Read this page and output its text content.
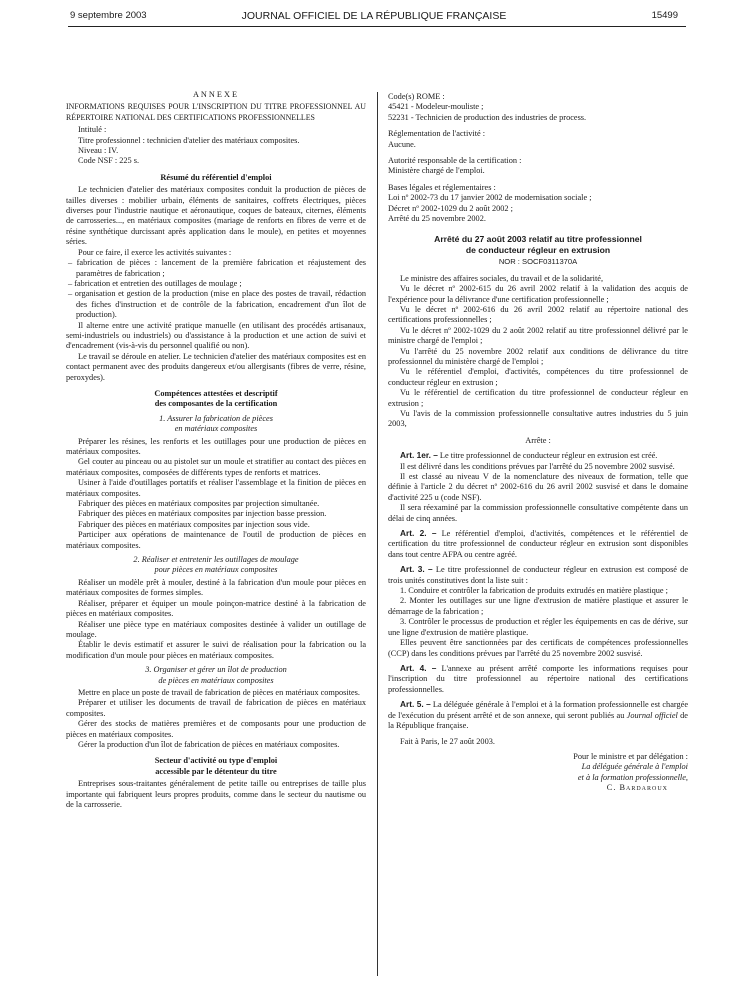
9 septembre 2003	JOURNAL OFFICIEL DE LA RÉPUBLIQUE FRANÇAISE	15499

ANNEXE

INFORMATIONS REQUISES POUR L'INSCRIPTION DU TITRE PROFESSIONNEL AU RÉPERTOIRE NATIONAL DES CERTIFICATIONS PROFESSIONNELLES

Intitulé :

Titre professionnel : technicien d'atelier des matériaux composites.

Niveau : IV.

Code NSF : 225 s.

Résumé du référentiel d'emploi

Le technicien d'atelier des matériaux composites conduit la production de pièces de tailles diverses : mobilier urbain, éléments de sanitaires, coffrets électriques, pièces diverses pour l'industrie nautique et aéronautique, coques de bateaux, citernes, éléments de carrosseries..., en matériaux composites (mariage de renforts en fibres de verre et de résine synthétique durcissant après application dans le moule), en petites et moyennes séries.

Pour ce faire, il exerce les activités suivantes :

– fabrication de pièces : lancement de la première fabrication et réajustement des paramètres de fabrication ;

– fabrication et entretien des outillages de moulage ;

– organisation et gestion de la production (mise en place des postes de travail, rédaction des fiches d'instruction et de contrôle de la fabrication, encadrement d'un îlot de production).

Il alterne entre une activité pratique manuelle (en utilisant des procédés artisanaux, semi-industriels ou industriels) ou d'assistance à la production et une action de suivi et d'encadrement (vis-à-vis du personnel qualifié ou non).

Le travail se déroule en atelier. Le technicien d'atelier des matériaux composites est en contact permanent avec des produits dangereux et/ou allergisants (fibres de verre, résine, peroxydes).

Compétences attestées et descriptif

des composantes de la certification

1. Assurer la fabrication de pièces

en matériaux composites

Préparer les résines, les renforts et les outillages pour une production de pièces en matériaux composites.

Gel couter au pinceau ou au pistolet sur un moule et stratifier au contact des pièces en matériaux composites, composées de différents types de renforts et matrices.

Usiner à l'aide d'outillages portatifs et réaliser l'assemblage et la finition de pièces en matériaux composites.

Fabriquer des pièces en matériaux composites par projection simultanée.

Fabriquer des pièces en matériaux composites par injection basse pression.

Fabriquer des pièces en matériaux composites par injection sous vide.

Participer aux opérations de maintenance de l'outil de production de pièces en matériaux composites.

2. Réaliser et entretenir les outillages de moulage

pour pièces en matériaux composites

Réaliser un modèle prêt à mouler, destiné à la fabrication d'un moule pour pièces en matériaux composites de formes simples.

Réaliser, préparer et équiper un moule poinçon-matrice destiné à la fabrication de pièces en matériaux composites.

Réaliser une pièce type en matériaux composites destinée à valider un outillage de moulage.

Établir le devis estimatif et assurer le suivi de réalisation pour la fabrication ou la modification d'un moule pour pièces en matériaux composites.

3. Organiser et gérer un îlot de production

de pièces en matériaux composites

Mettre en place un poste de travail de fabrication de pièces en matériaux composites.

Préparer et utiliser les documents de travail de fabrication de pièces en matériaux composites.

Gérer des stocks de matières premières et de composants pour une production de pièces en matériaux composites.

Gérer la production d'un îlot de fabrication de pièces en matériaux composites.

Secteur d'activité ou type d'emploi

accessible par le détenteur du titre

Entreprises sous-traitantes généralement de petite taille ou entreprises de taille plus importante qui fabriquent leurs propres produits, comme dans le secteur du nautisme ou de la carrosserie.

Code(s) ROME :

45421 - Modeleur-mouliste ;

52231 - Technicien de production des industries de process.

Réglementation de l'activité :

Aucune.

Autorité responsable de la certification :

Ministère chargé de l'emploi.

Bases légales et réglementaires :

Loi nº 2002-73 du 17 janvier 2002 de modernisation sociale ;

Décret nº 2002-1029 du 2 août 2002 ;

Arrêté du 25 novembre 2002.

Arrêté du 27 août 2003 relatif au titre professionnel

de conducteur régleur en extrusion

NOR : SOCF0311370A

Le ministre des affaires sociales, du travail et de la solidarité,

Vu le décret nº 2002-615 du 26 avril 2002 relatif à la validation des acquis de l'expérience pour la délivrance d'une certification professionnelle ;

Vu le décret nº 2002-616 du 26 avril 2002 relatif au répertoire national des certifications professionnelles ;

Vu le décret nº 2002-1029 du 2 août 2002 relatif au titre professionnel délivré par le ministre chargé de l'emploi ;

Vu l'arrêté du 25 novembre 2002 relatif aux conditions de délivrance du titre professionnel du ministère chargé de l'emploi ;

Vu le référentiel d'emploi, d'activités, compétences du titre professionnel de conducteur régleur en extrusion ;

Vu le référentiel de certification du titre professionnel de conducteur régleur en extrusion ;

Vu l'avis de la commission professionnelle consultative autres industries du 5 juin 2003,

Arrête :

Art. 1er. – Le titre professionnel de conducteur régleur en extrusion est créé.

Il est délivré dans les conditions prévues par l'arrêté du 25 novembre 2002 susvisé.

Il est classé au niveau V de la nomenclature des niveaux de formation, telle que définie à l'article 2 du décret nº 2002-616 du 26 avril 2002 susvisé et dans le domaine d'activité 225 u (code NSF).

Il sera réexaminé par la commission professionnelle consultative compétente dans un délai de cinq années.

Art. 2. – Le référentiel d'emploi, d'activités, compétences et le référentiel de certification du titre professionnel de conducteur régleur en extrusion sont disponibles dans tout centre AFPA ou centre agréé.

Art. 3. – Le titre professionnel de conducteur régleur en extrusion est composé de trois unités constitutives dont la liste suit :

1. Conduire et contrôler la fabrication de produits extrudés en matière plastique ;

2. Monter les outillages sur une ligne d'extrusion de matière plastique et assurer le démarrage de la fabrication ;

3. Contrôler le processus de production et régler les équipements en cas de dérive, sur une ligne d'extrusion de matière plastique.

Elles peuvent être sanctionnées par des certificats de compétences professionnelles (CCP) dans les conditions prévues par l'arrêté du 25 novembre 2002 susvisé.

Art. 4. – L'annexe au présent arrêté comporte les informations requises pour l'inscription du titre professionnel au répertoire national des certifications professionnelles.

Art. 5. – La déléguée générale à l'emploi et à la formation professionnelle est chargée de l'exécution du présent arrêté et de son annexe, qui seront publiés au Journal officiel de la République française.

Fait à Paris, le 27 août 2003.

Pour le ministre et par délégation :

La déléguée générale à l'emploi

et à la formation professionnelle,

C. Bardaroux
